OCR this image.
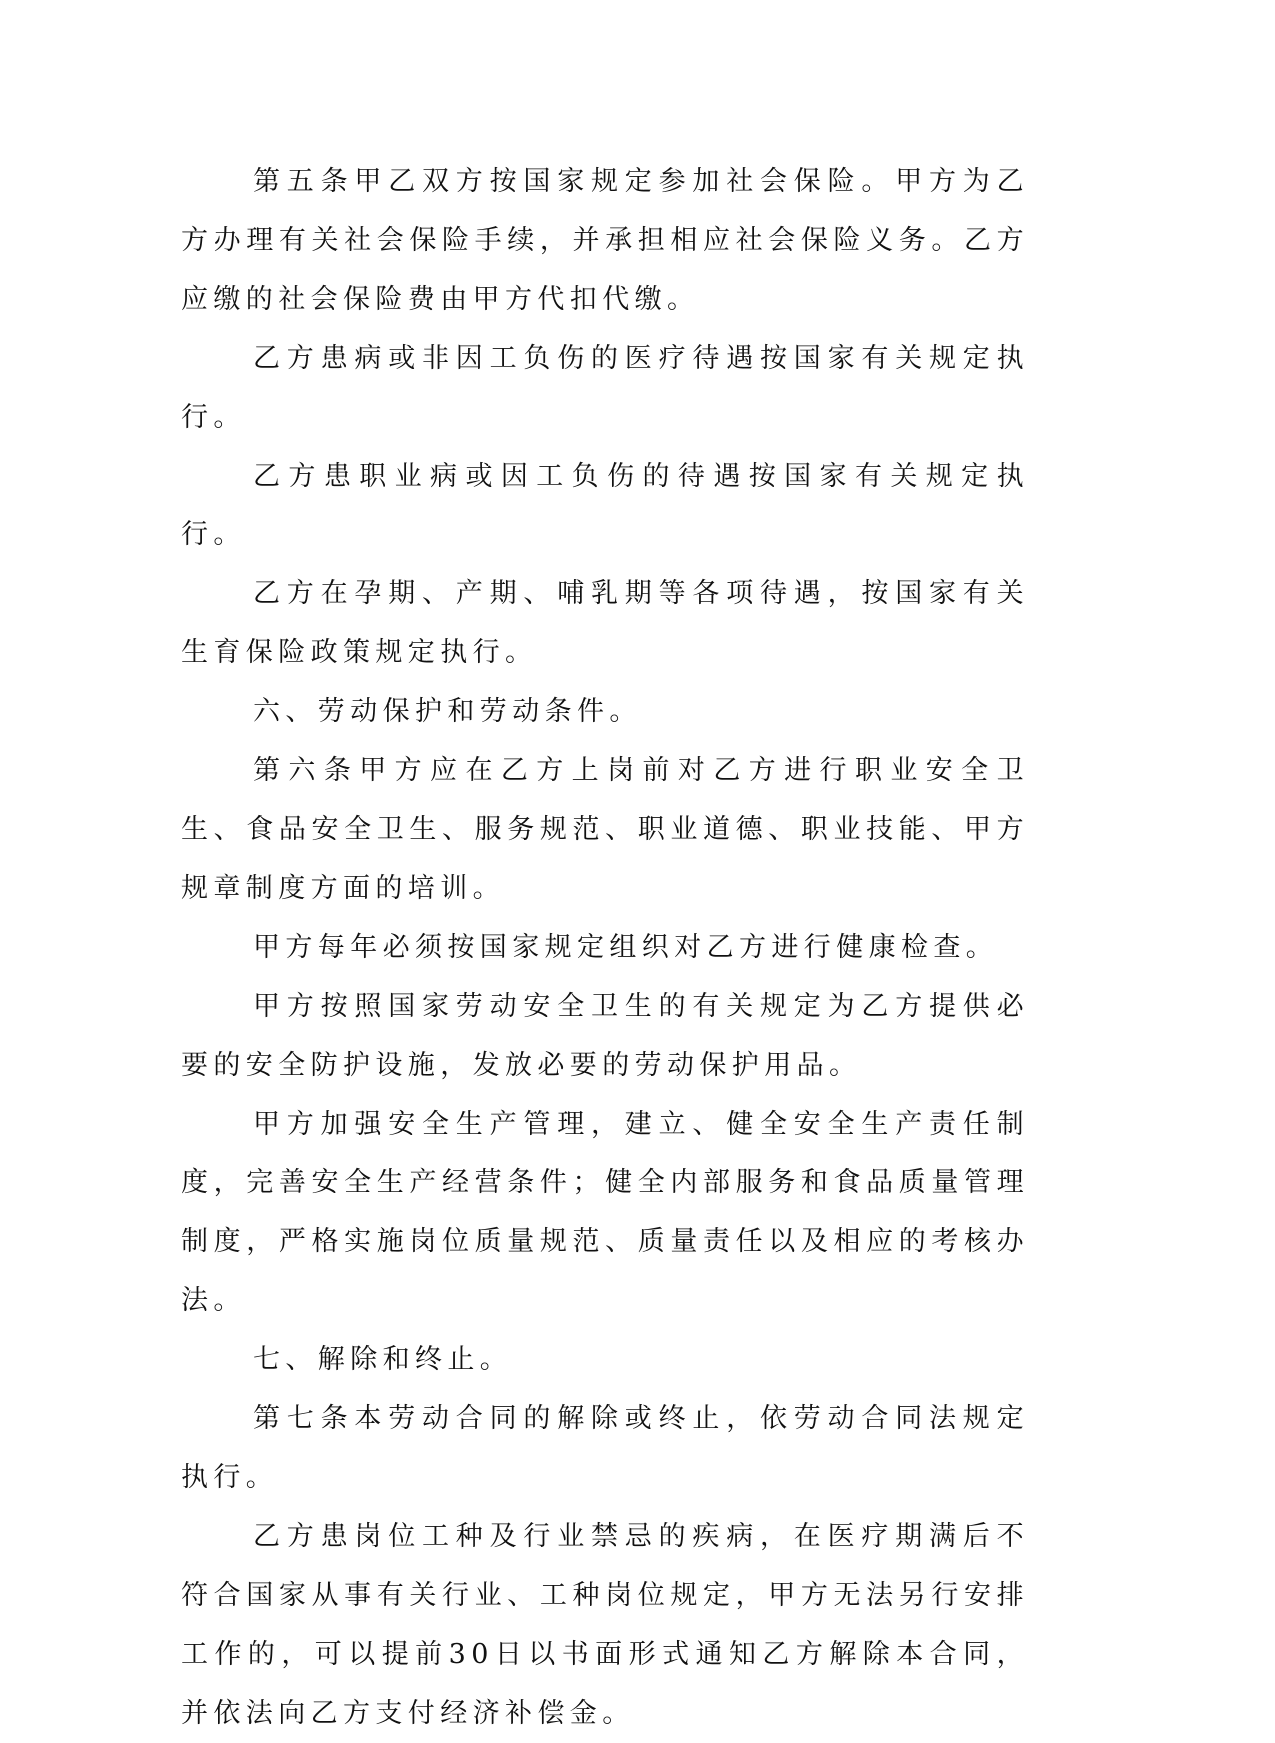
第五条甲乙双方按国家规定参加社会保险。甲方为乙方办理有关社会保险手续，并承担相应社会保险义务。乙方应缴的社会保险费由甲方代扣代缴。

乙方患病或非因工负伤的医疗待遇按国家有关规定执行。

乙方患职业病或因工负伤的待遇按国家有关规定执行。

乙方在孕期、产期、哺乳期等各项待遇，按国家有关生育保险政策规定执行。

六、劳动保护和劳动条件。

第六条甲方应在乙方上岗前对乙方进行职业安全卫生、食品安全卫生、服务规范、职业道德、职业技能、甲方规章制度方面的培训。

甲方每年必须按国家规定组织对乙方进行健康检查。

甲方按照国家劳动安全卫生的有关规定为乙方提供必要的安全防护设施，发放必要的劳动保护用品。

甲方加强安全生产管理，建立、健全安全生产责任制度，完善安全生产经营条件；健全内部服务和食品质量管理制度，严格实施岗位质量规范、质量责任以及相应的考核办法。

七、解除和终止。

第七条本劳动合同的解除或终止，依劳动合同法规定执行。

乙方患岗位工种及行业禁忌的疾病，在医疗期满后不符合国家从事有关行业、工种岗位规定，甲方无法另行安排工作的，可以提前30日以书面形式通知乙方解除本合同，并依法向乙方支付经济补偿金。
